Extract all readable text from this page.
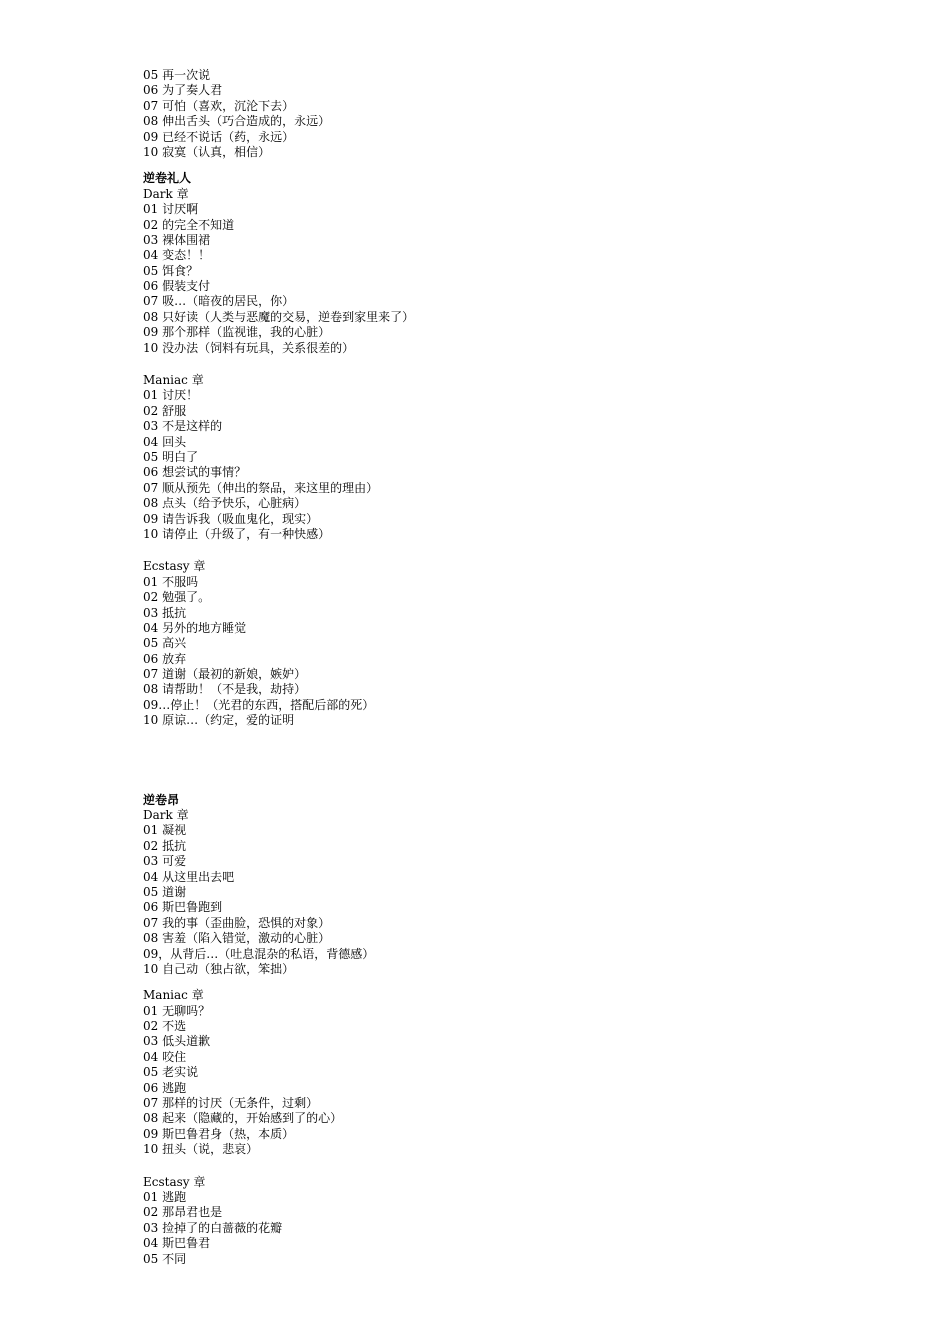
05 再一次说
06 为了奏人君
07 可怕（喜欢，沉沦下去）
08 伸出舌头（巧合造成的，永远）
09 已经不说话（药，永远）
10 寂寞（认真，相信）
逆卷礼人
Dark 章
01 讨厌啊
02 的完全不知道
03 裸体围裙
04 变态！！
05 饵食？
06 假装支付
07 吸…（暗夜的居民，你）
08 只好读（人类与恶魔的交易，逆卷到家里来了）
09 那个那样（监视谁，我的心脏）
10 没办法（饲料有玩具，关系很差的）
Maniac 章
01 讨厌！
02 舒服
03 不是这样的
04 回头
05 明白了
06 想尝试的事情？
07 顺从预先（伸出的祭品，来这里的理由）
08 点头（给予快乐，心脏病）
09 请告诉我（吸血鬼化，现实）
10 请停止（升级了，有一种快感）
Ecstasy 章
01 不服吗
02 勉强了。
03 抵抗
04 另外的地方睡觉
05 高兴
06 放弃
07 道谢（最初的新娘，嫉妒）
08 请帮助！（不是我，劫持）
09…停止！（光君的东西，搭配后部的死）
10 原谅…（约定，爱的证明
逆卷昂
Dark 章
01 凝视
02 抵抗
03 可爱
04 从这里出去吧
05 道谢
06 斯巴鲁跑到
07 我的事（歪曲脸，恐惧的对象）
08 害羞（陷入错觉，激动的心脏）
09，从背后…（吐息混杂的私语，背德感）
10 自己动（独占欲，笨拙）
Maniac 章
01 无聊吗？
02 不选
03 低头道歉
04 咬住
05 老实说
06 逃跑
07 那样的讨厌（无条件，过剩）
08 起来（隐藏的，开始感到了的心）
09 斯巴鲁君身（热，本质）
10 扭头（说，悲哀）
Ecstasy 章
01 逃跑
02 那昂君也是
03 捡掉了的白蔷薇的花瓣
04 斯巴鲁君
05 不同
